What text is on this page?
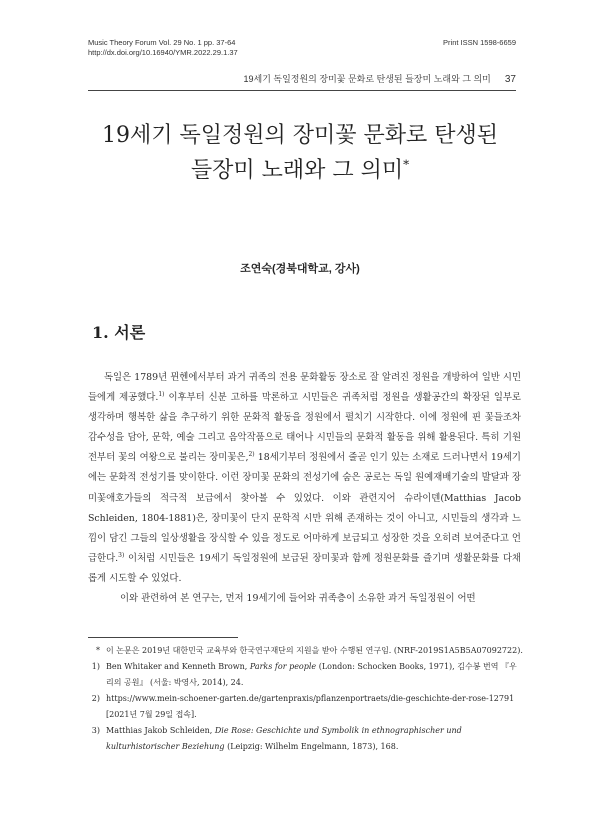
Music Theory Forum Vol. 29 No. 1 pp. 37-64
http://dx.doi.org/10.16940/YMR.2022.29.1.37
Print ISSN 1598-6659
19세기 독일정원의 장미꽃 문화로 탄생된 들장미 노래와 그 의미 37
19세기 독일정원의 장미꽃 문화로 탄생된
들장미 노래와 그 의미*
조연숙(경북대학교, 강사)
1. 서론

독일은 1789년 뮌헨에서부터 과거 귀족의 전용 문화활동 장소로 잘 알려진 정원을 개방하여 일반 시민들에게 제공했다.$^{1)}$ 이후부터 신분 고하를 막론하고 시민들은 귀족처럼 정원을 생활공간의 확장된 일부로 생각하며 행복한 삶을 추구하기 위한 문화적 활동을 정원에서 펼치기 시작한다. 이에 정원에 핀 꽃들조차 감수성을 담아, 문학, 예술 그리고 음악작품으로 태어나 시민들의 문화적 활동을 위해 활용된다. 특히 기원전부터 꽃의 여왕으로 불리는 장미꽃은,$^{2)}$ 18세기부터 정원에서 줄곧 인기 있는 소재로 드러나면서 19세기에는 문화적 전성기를 맞이한다. 이런 장미꽃 문화의 전성기에 숨은 공로는 독일 원예재배기술의 발달과 장미꽃애호가들의 적극적 보급에서 찾아볼 수 있었다. 이와 관련지어 슈라이덴(Matthias Jacob Schleiden, 1804-1881)은, 장미꽃이 단지 문학적 시만 위해 존재하는 것이 아니고, 시민들의 생각과 느낌이 담긴 그들의 일상생활을 장식할 수 있을 정도로 어마하게 보급되고 성장한 것을 오히려 보여준다고 언급한다.$^{3)}$ 이처럼 시민들은 19세기 독일정원에 보급된 장미꽃과 함께 정원문화를 즐기며 생활문화를 다채롭게 시도할 수 있었다.

이와 관련하여 본 연구는, 먼저 19세기에 들어와 귀족층이 소유한 과거 독일정원이 어떤

* 이 논문은 2019년 대한민국 교육부와 한국연구재단의 지원을 받아 수행된 연구임. (NRF-2019S1A5B5A07092722).
1) Ben Whitaker and Kenneth Brown, Parks for people (London: Schocken Books, 1971), 김수봉 번역 『우리의 공원』 (서울: 박영사, 2014), 24.
2) https://www.mein-schoener-garten.de/gartenpraxis/pflanzenportraets/die-geschichte-der-rose-12791 [2021년 7월 29일 접속].
3) Matthias Jakob Schleiden, Die Rose: Geschichte und Symbolik in ethnographischer und kulturhistorischer Beziehung (Leipzig: Wilhelm Engelmann, 1873), 168.
